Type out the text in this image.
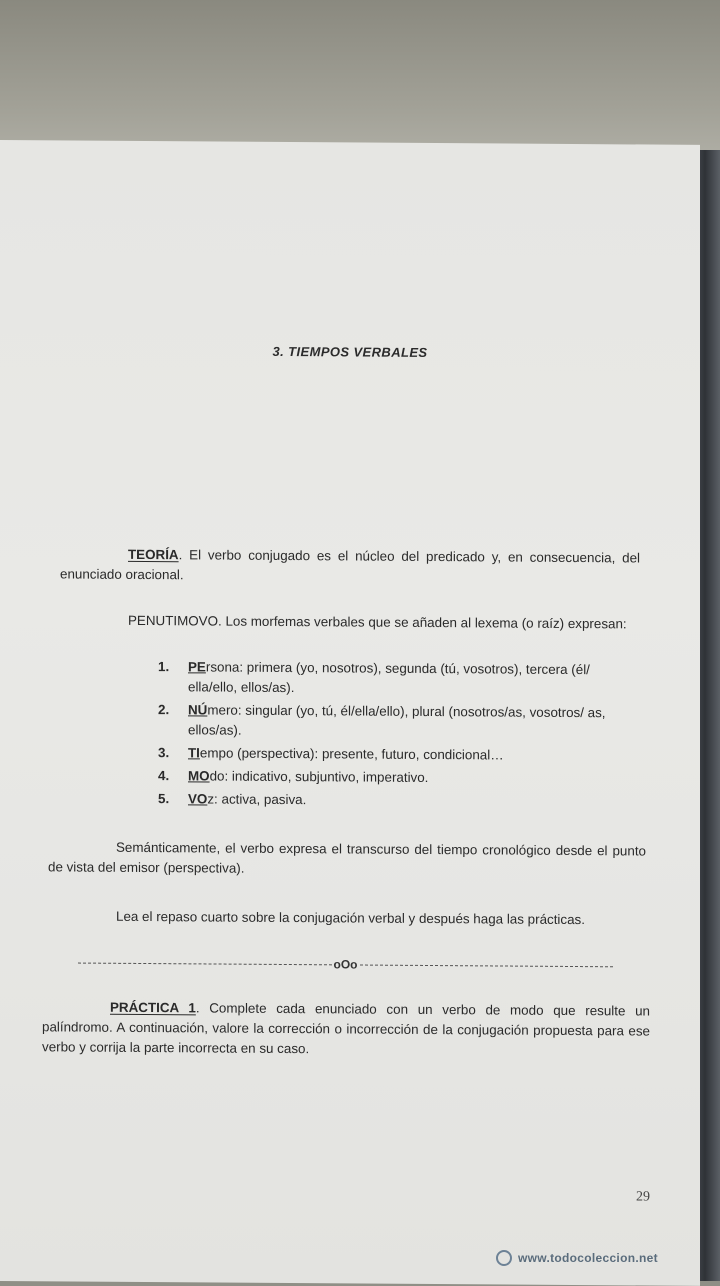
3. TIEMPOS VERBALES

TEORÍA. El verbo conjugado es el núcleo del predicado y, en consecuencia, del enunciado oracional.

PENUTIMOVO. Los morfemas verbales que se añaden al lexema (o raíz) expresan:

1. PErsona: primera (yo, nosotros), segunda (tú, vosotros), tercera (él/ ella/ello, ellos/as).
2. NÚmero: singular (yo, tú, él/ella/ello), plural (nosotros/as, vosotros/ as, ellos/as).
3. TIempo (perspectiva): presente, futuro, condicional…
4. MOdo: indicativo, subjuntivo, imperativo.
5. VOz: activa, pasiva.

Semánticamente, el verbo expresa el transcurso del tiempo cronológico desde el punto de vista del emisor (perspectiva).

Lea el repaso cuarto sobre la conjugación verbal y después haga las prácticas.

oOo

PRÁCTICA 1. Complete cada enunciado con un verbo de modo que resulte un palíndromo. A continuación, valore la corrección o incorrección de la conjugación propuesta para ese verbo y corrija la parte incorrecta en su caso.

29
www.todocoleccion.net
